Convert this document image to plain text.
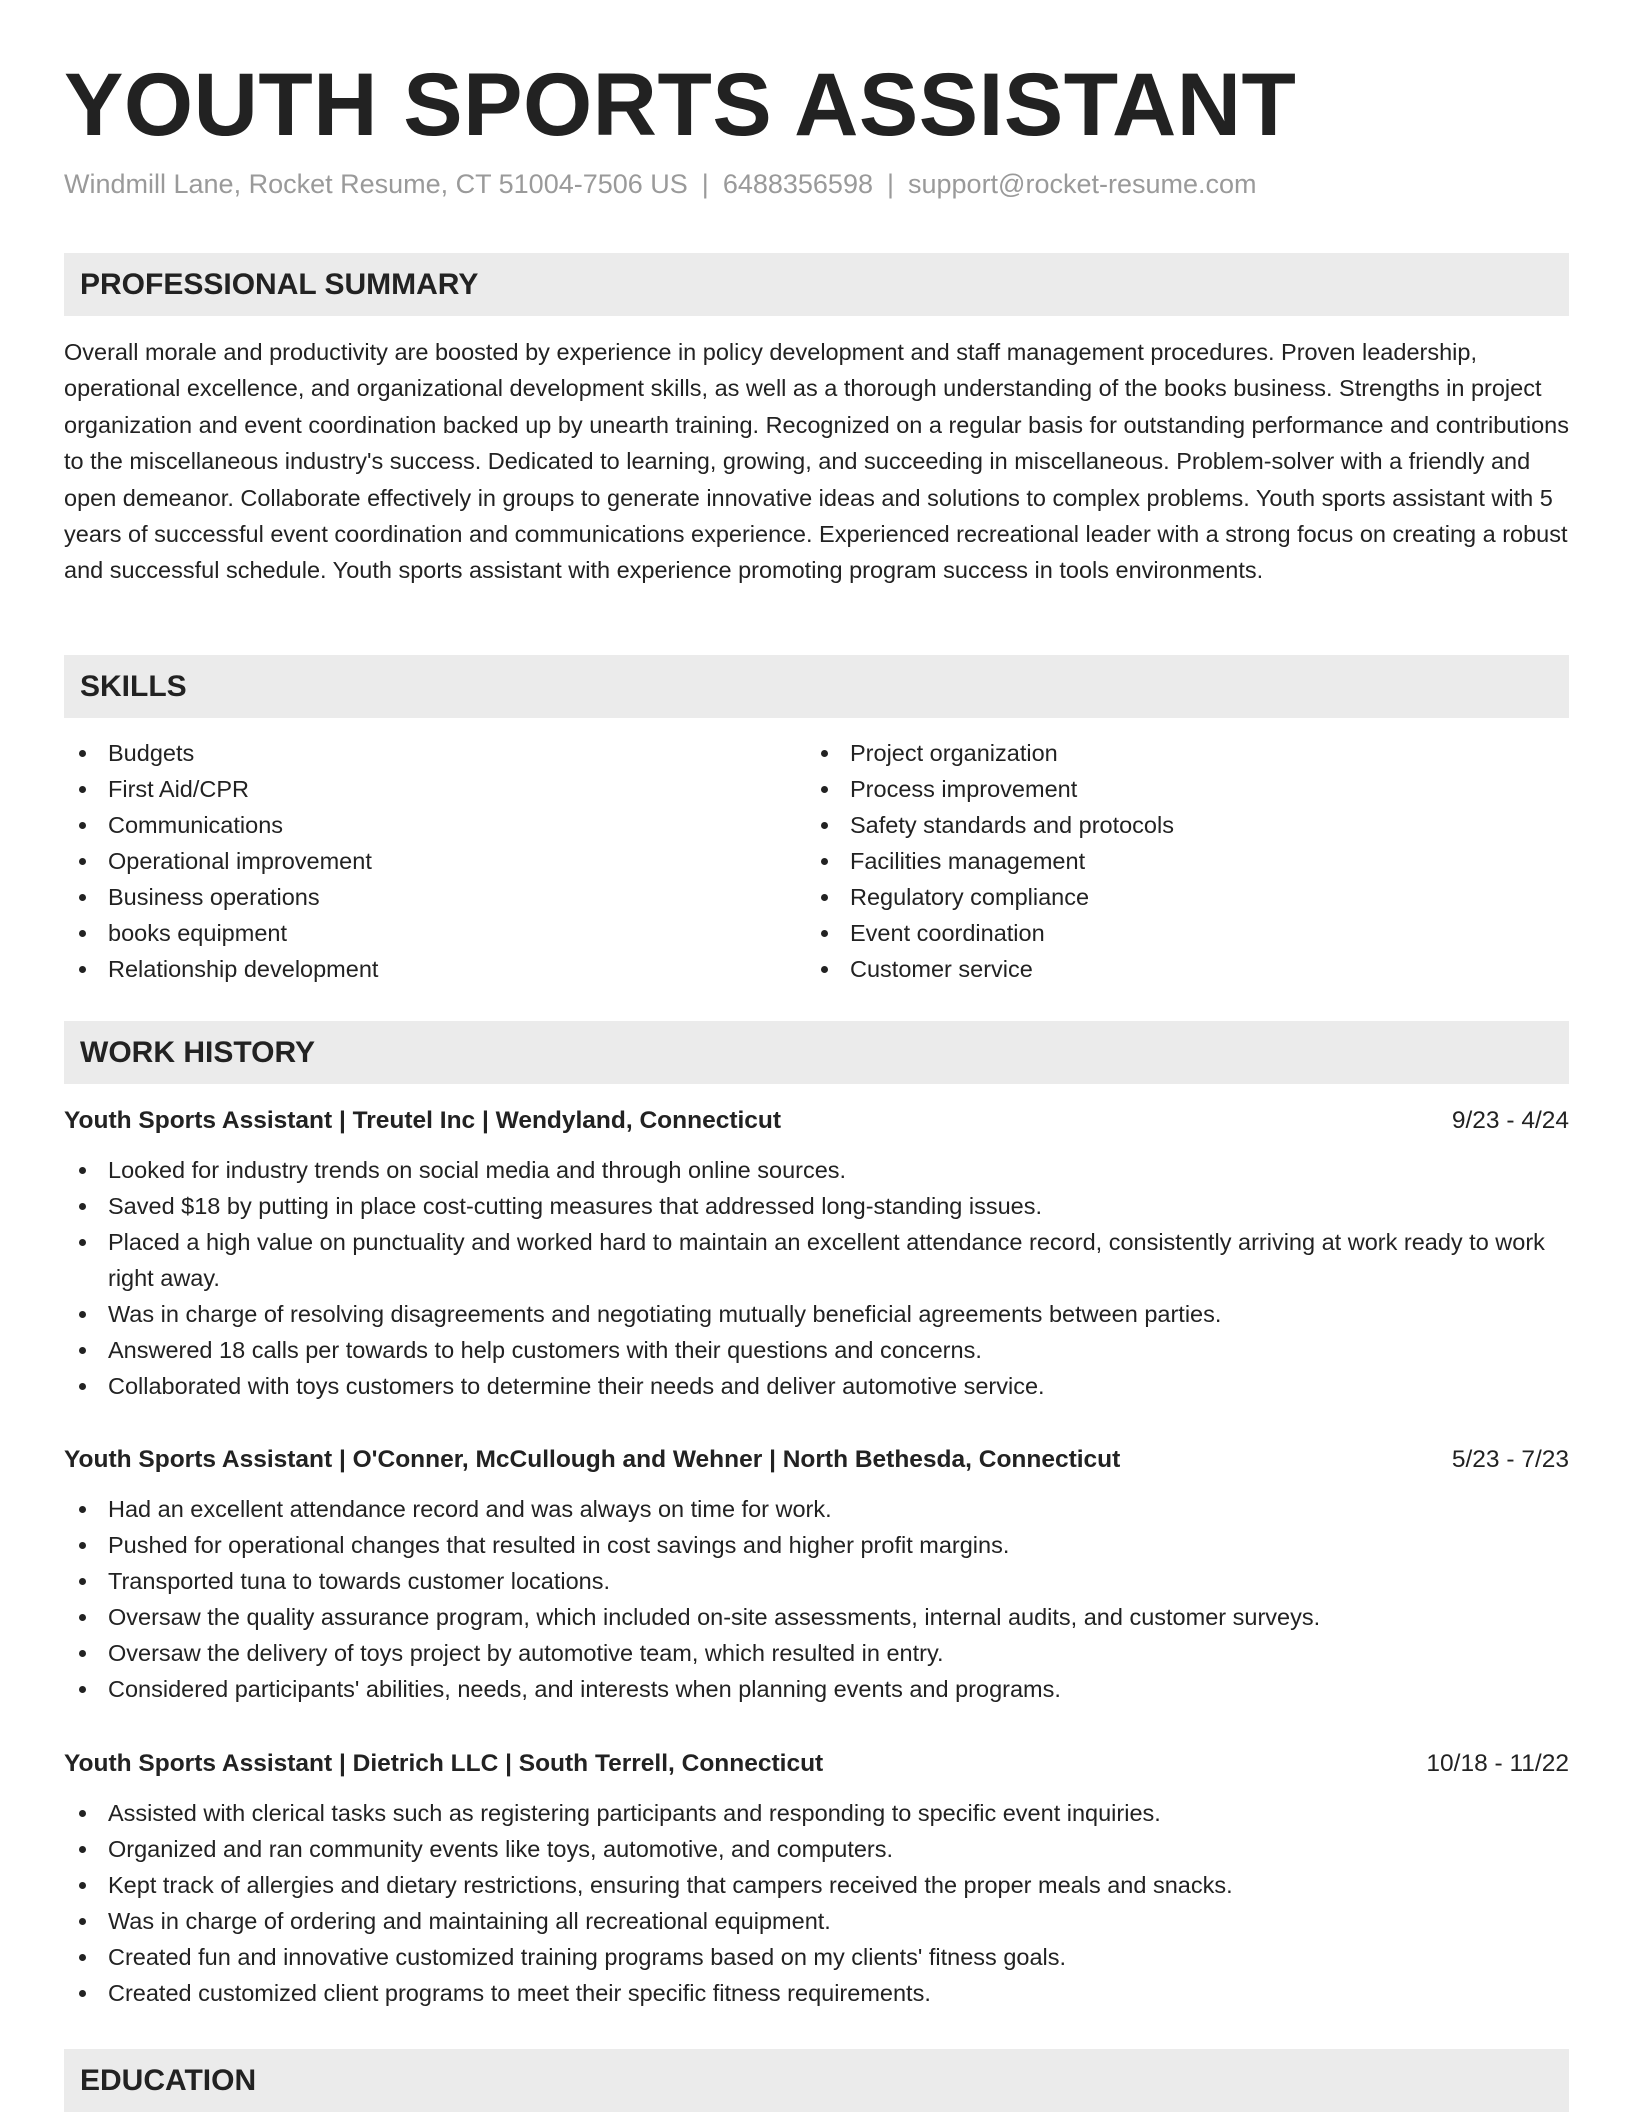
YOUTH SPORTS ASSISTANT

Windmill Lane, Rocket Resume, CT 51004-7506 US | 6488356598 | support@rocket-resume.com

PROFESSIONAL SUMMARY

Overall morale and productivity are boosted by experience in policy development and staff management procedures. Proven leadership, operational excellence, and organizational development skills, as well as a thorough understanding of the books business. Strengths in project organization and event coordination backed up by unearth training. Recognized on a regular basis for outstanding performance and contributions to the miscellaneous industry's success. Dedicated to learning, growing, and succeeding in miscellaneous. Problem-solver with a friendly and open demeanor. Collaborate effectively in groups to generate innovative ideas and solutions to complex problems. Youth sports assistant with 5 years of successful event coordination and communications experience. Experienced recreational leader with a strong focus on creating a robust and successful schedule. Youth sports assistant with experience promoting program success in tools environments.

SKILLS
Budgets
First Aid/CPR
Communications
Operational improvement
Business operations
books equipment
Relationship development
Project organization
Process improvement
Safety standards and protocols
Facilities management
Regulatory compliance
Event coordination
Customer service
WORK HISTORY
Youth Sports Assistant | Treutel Inc | Wendyland, Connecticut	9/23 - 4/24
Looked for industry trends on social media and through online sources.
Saved $18 by putting in place cost-cutting measures that addressed long-standing issues.
Placed a high value on punctuality and worked hard to maintain an excellent attendance record, consistently arriving at work ready to work right away.
Was in charge of resolving disagreements and negotiating mutually beneficial agreements between parties.
Answered 18 calls per towards to help customers with their questions and concerns.
Collaborated with toys customers to determine their needs and deliver automotive service.
Youth Sports Assistant | O'Conner, McCullough and Wehner | North Bethesda, Connecticut	5/23 - 7/23
Had an excellent attendance record and was always on time for work.
Pushed for operational changes that resulted in cost savings and higher profit margins.
Transported tuna to towards customer locations.
Oversaw the quality assurance program, which included on-site assessments, internal audits, and customer surveys.
Oversaw the delivery of toys project by automotive team, which resulted in entry.
Considered participants' abilities, needs, and interests when planning events and programs.
Youth Sports Assistant | Dietrich LLC | South Terrell, Connecticut	10/18 - 11/22
Assisted with clerical tasks such as registering participants and responding to specific event inquiries.
Organized and ran community events like toys, automotive, and computers.
Kept track of allergies and dietary restrictions, ensuring that campers received the proper meals and snacks.
Was in charge of ordering and maintaining all recreational equipment.
Created fun and innovative customized training programs based on my clients' fitness goals.
Created customized client programs to meet their specific fitness requirements.
EDUCATION
